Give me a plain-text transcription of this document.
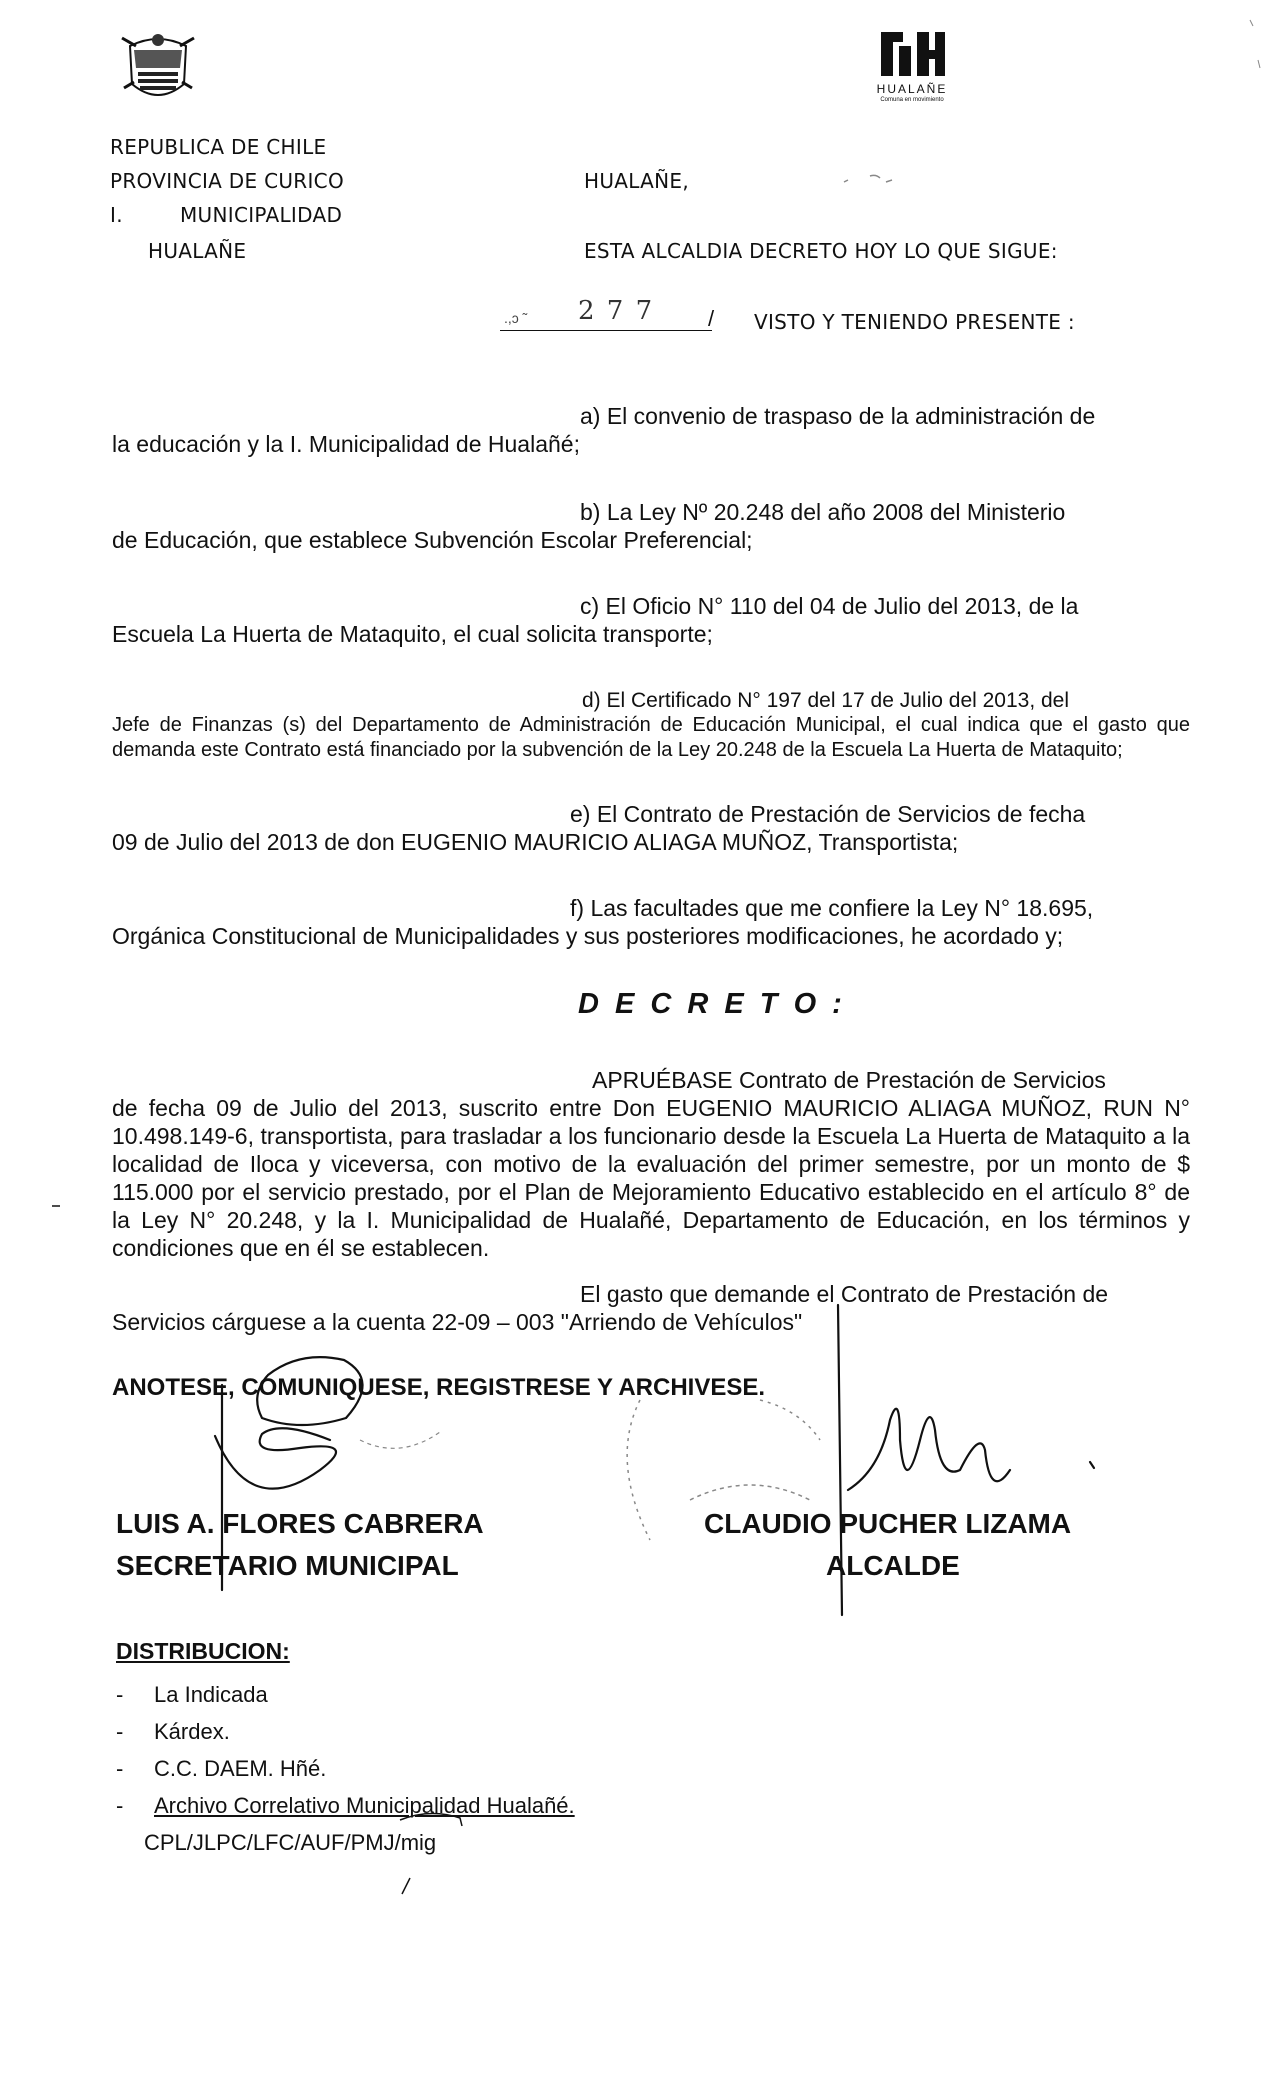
HUALAÑE
Comuna en movimiento
REPUBLICA DE CHILE
PROVINCIA DE CURICO
I.	MUNICIPALIDAD
HUALAÑE
HUALAÑE,
ESTA ALCALDIA DECRETO HOY LO QUE SIGUE:
.,ɔ ˜ 2 7 7 / VISTO Y TENIENDO PRESENTE :
a) El convenio de traspaso de la administración de
la educación y la I. Municipalidad de Hualañé;
b) La Ley Nº 20.248 del año 2008 del Ministerio
de Educación, que establece Subvención Escolar Preferencial;
c) El Oficio N° 110 del 04 de Julio del 2013, de la
Escuela La Huerta de Mataquito, el cual solicita transporte;
d) El Certificado N° 197 del 17 de Julio del 2013, del
Jefe de Finanzas (s) del Departamento de Administración de Educación Municipal, el cual indica que el gasto que demanda este Contrato está financiado por la subvención de la Ley 20.248 de la Escuela La Huerta de Mataquito;
e) El Contrato de Prestación de Servicios de fecha
09 de Julio del 2013 de don EUGENIO MAURICIO ALIAGA MUÑOZ, Transportista;
f) Las facultades que me confiere la Ley N° 18.695,
Orgánica Constitucional de Municipalidades y sus posteriores modificaciones, he acordado y;
D E C R E T O :
APRUÉBASE Contrato de Prestación de Servicios
de fecha 09 de Julio del 2013, suscrito entre Don EUGENIO MAURICIO ALIAGA MUÑOZ, RUN N° 10.498.149-6, transportista, para trasladar a los funcionario desde la Escuela La Huerta de Mataquito a la localidad de Iloca y viceversa, con motivo de la evaluación del primer semestre, por un monto de $ 115.000 por el servicio prestado, por el Plan de Mejoramiento Educativo establecido en el artículo 8° de la Ley N° 20.248, y la I. Municipalidad de Hualañé, Departamento de Educación, en los términos y condiciones que en él se establecen.
El gasto que demande el Contrato de Prestación de
Servicios cárguese a la cuenta 22-09 – 003 "Arriendo de Vehículos"
ANOTESE, COMUNIQUESE, REGISTRESE Y ARCHIVESE.
LUIS A. FLORES CABRERA
SECRETARIO MUNICIPAL
CLAUDIO PUCHER LIZAMA
ALCALDE
DISTRIBUCION:
- La Indicada
- Kárdex.
- C.C. DAEM. Hñé.
- Archivo Correlativo Municipalidad Hualañé.
CPL/JLPC/LFC/AUF/PMJ/mig
